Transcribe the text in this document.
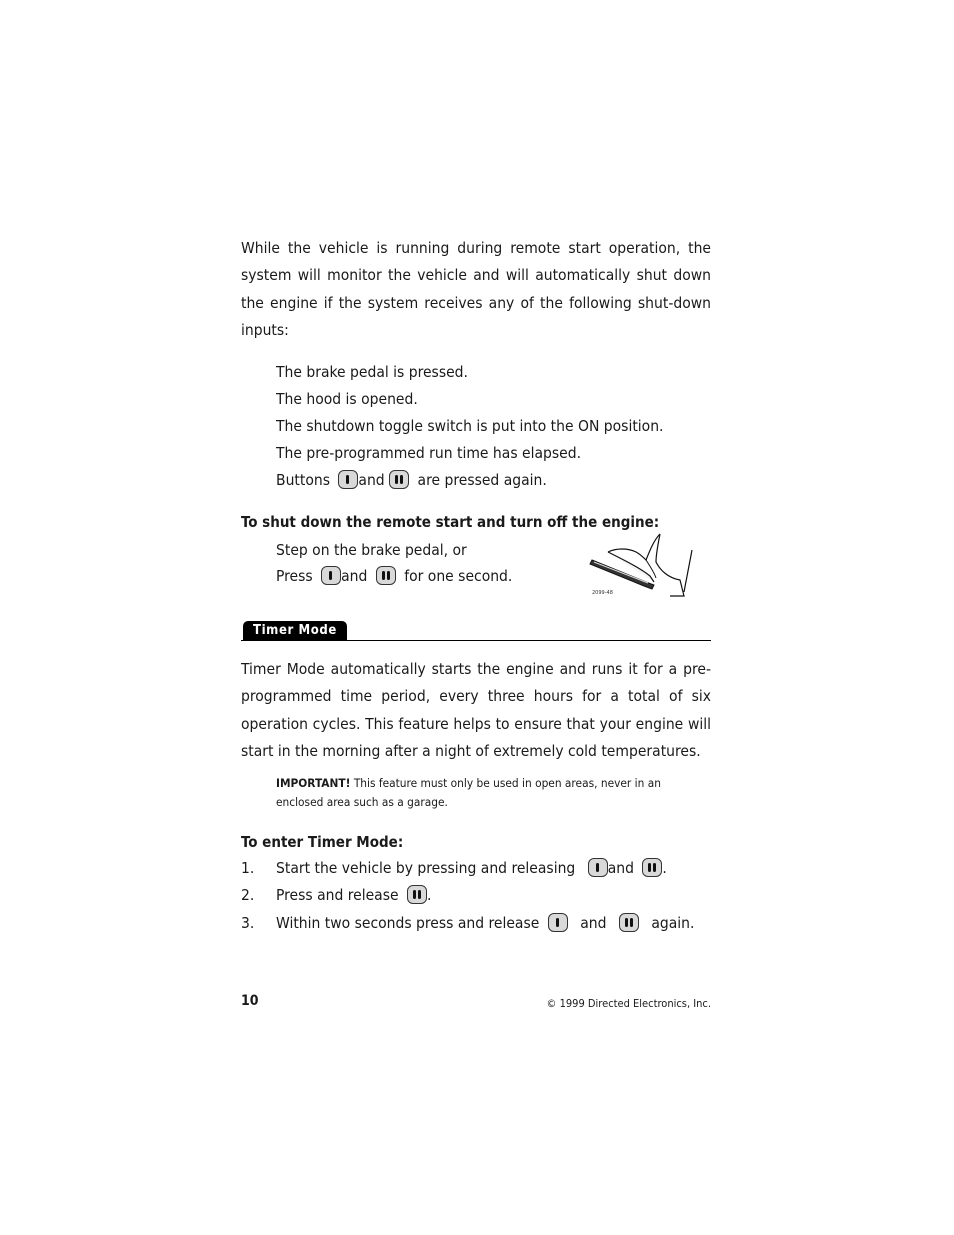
While the vehicle is running during remote start operation, the system will monitor the vehicle and will automatically shut down the engine if the system receives any of the following shut-down inputs:

The brake pedal is pressed.
The hood is opened.
The shutdown toggle switch is put into the ON position.
The pre-programmed run time has elapsed.
Buttons and are pressed again.
To shut down the remote start and turn off the engine:
Step on the brake pedal, or
Press and for one second.
2099-48
Timer Mode

Timer Mode automatically starts the engine and runs it for a pre-programmed time period, every three hours for a total of six operation cycles. This feature helps to ensure that your engine will start in the morning after a night of extremely cold temperatures.

IMPORTANT! This feature must only be used in open areas, never in an enclosed area such as a garage.
To enter Timer Mode:
1. Start the vehicle by pressing and releasing and .
2. Press and release .
3. Within two seconds press and release	and	again.
10	© 1999 Directed Electronics, Inc.
